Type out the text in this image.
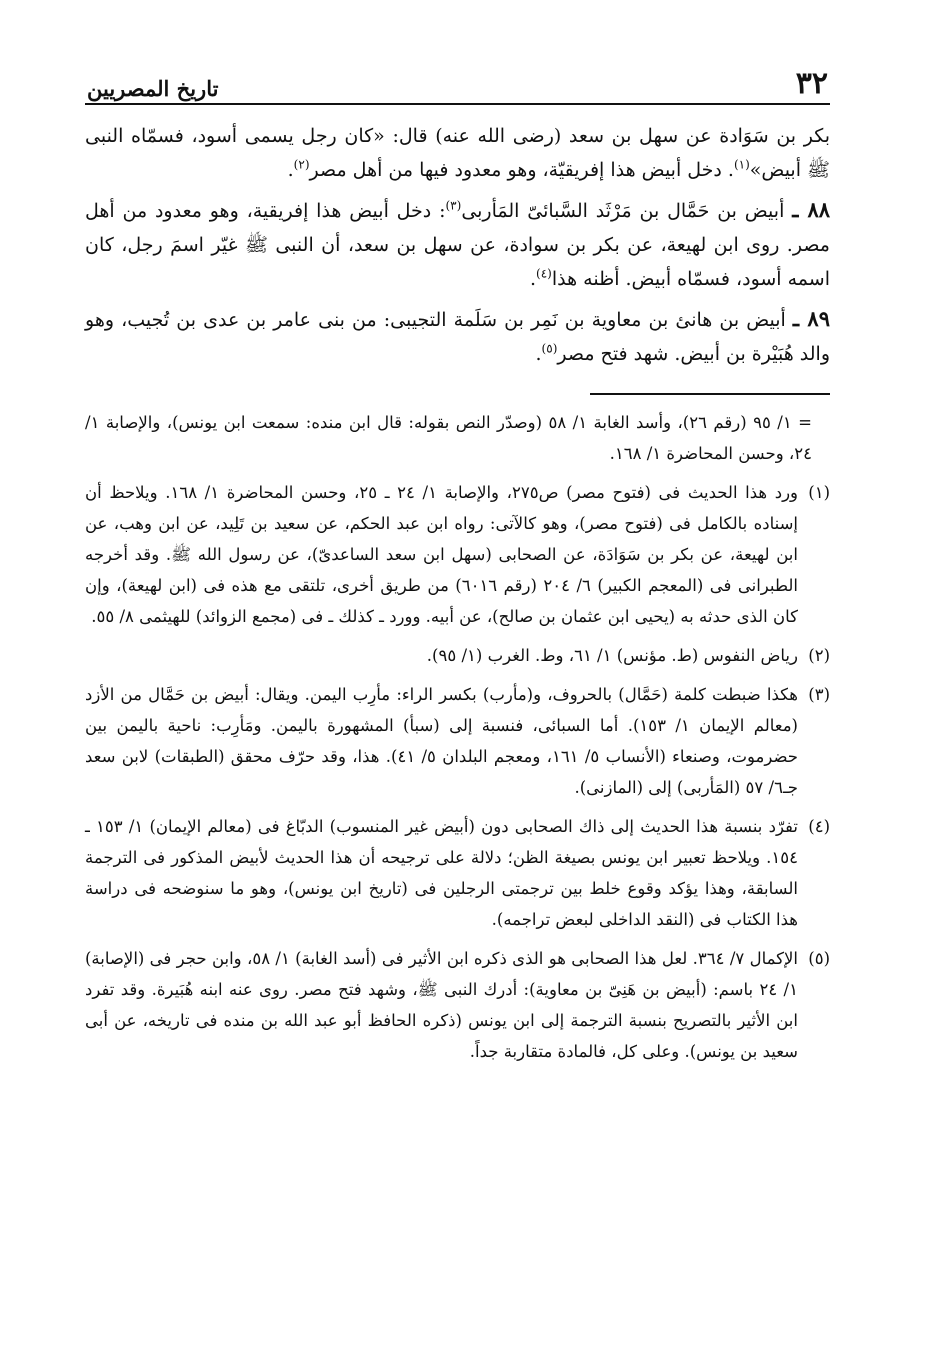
٣٢
تاريخ المصريين

بكر بن سَوَادة عن سهل بن سعد (رضى الله عنه) قال: «كان رجل يسمى أسود، فسمّاه النبى ﷺ أبيض»$^{(١)}$. دخل أبيض هذا إفريقيّة، وهو معدود فيها من أهل مصر$^{(٢)}$.

٨٨ ـ أبيض بن حَمَّال بن مَرْثَد السَّبائىّ المَأربى$^{(٣)}$: دخل أبيض هذا إفريقية، وهو معدود من أهل مصر. روى ابن لهيعة، عن بكر بن سوادة، عن سهل بن سعد، أن النبى ﷺ غيّر اسمَ رجل، كان اسمه أسود، فسمّاه أبيض. أظنه هذا$^{(٤)}$.

٨٩ ـ أبيض بن هانئ بن معاوية بن نَمِر بن سَلَمة التجيبى: من بنى عامر بن عدى بن تُجيب، وهو والد هُبَيْرة بن أبيض. شهد فتح مصر$^{(٥)}$.

= ١/ ٩٥ (رقم ٢٦)، وأسد الغابة ١/ ٥٨ (وصدّر النص بقوله: قال ابن منده: سمعت ابن يونس)، والإصابة ١/ ٢٤، وحسن المحاضرة ١/ ١٦٨.

(١)
ورد هذا الحديث فى (فتوح مصر) ص٢٧٥، والإصابة ١/ ٢٤ ـ ٢٥، وحسن المحاضرة ١/ ١٦٨. ويلاحظ أن إسناده بالكامل فى (فتوح مصر)، وهو كالآتى: رواه ابن عبد الحكم، عن سعيد بن تَلِيد، عن ابن وهب، عن ابن لهيعة، عن بكر بن سَوَادَة، عن الصحابى (سهل ابن سعد الساعدىّ)، عن رسول الله ﷺ. وقد أخرجه الطبرانى فى (المعجم الكبير) ٦/ ٢٠٤ (رقم ٦٠١٦) من طريق أخرى، تلتقى مع هذه فى (ابن لهيعة)، وإن كان الذى حدثه به (يحيى ابن عثمان بن صالح)، عن أبيه. وورد ـ كذلك ـ فى (مجمع الزوائد) للهيثمى ٨/ ٥٥.

(٢)
رياض النفوس (ط. مؤنس) ١/ ٦١، وط. الغرب (١/ ٩٥).

(٣)
هكذا ضبطت كلمة (حَمَّال) بالحروف، و(مأرب) بكسر الراء: مأرِب اليمن. ويقال: أبيض بن حَمَّال من الأزد (معالم الإيمان ١/ ١٥٣). أما السبائى، فنسبة إلى (سبأ) المشهورة باليمن. ومَأرِب: ناحية باليمن بين حضرموت، وصنعاء (الأنساب ٥/ ١٦١، ومعجم البلدان ٥/ ٤١). هذا، وقد حرّف محقق (الطبقات) لابن سعد جـ٦/ ٥٧ (المَأربى) إلى (المازنى).

(٤)
تفرّد بنسبة هذا الحديث إلى ذاك الصحابى دون (أبيض غير المنسوب) الدبّاغ فى (معالم الإيمان) ١/ ١٥٣ ـ ١٥٤. ويلاحظ تعبير ابن يونس بصيغة الظن؛ دلالة على ترجيحه أن هذا الحديث لأبيض المذكور فى الترجمة السابقة، وهذا يؤكد وقوع خلط بين ترجمتى الرجلين فى (تاريخ ابن يونس)، وهو ما سنوضحه فى دراسة هذا الكتاب فى (النقد الداخلى لبعض تراجمه).

(٥)
الإكمال ٧/ ٣٦٤. لعل هذا الصحابى هو الذى ذكره ابن الأثير فى (أسد الغابة) ١/ ٥٨، وابن حجر فى (الإصابة) ١/ ٢٤ باسم: (أبيض بن هَنِىّ بن معاوية): أدرك النبى ﷺ، وشهد فتح مصر. روى عنه ابنه هُبَيرة. وقد تفرد ابن الأثير بالتصريح بنسبة الترجمة إلى ابن يونس (ذكره الحافظ أبو عبد الله بن منده فى تاريخه، عن أبى سعيد بن يونس). وعلى كل، فالمادة متقاربة جداً.
